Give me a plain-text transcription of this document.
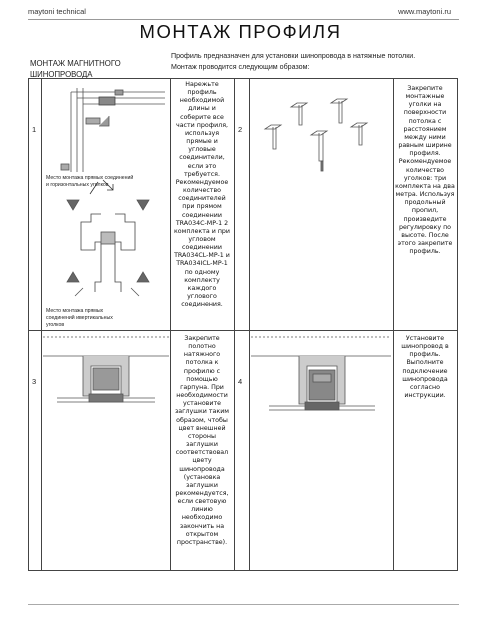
maytoni technical	www.maytoni.ru
МОНТАЖ ПРОФИЛЯ
МОНТАЖ МАГНИТНОГО
ШИНОПРОВОДА
Профиль предназначен для установки шинопровода в натяжные потолки.
Монтаж проводится следующим образом:
1
Место монтажа прямых соединений
и горизонтальных уголков
Место монтажа прямых
соединений ивертикальных
уголков
Нарежьте профиль необходимой длины и соберите все части профиля, используя прямые и угловые соединители, если это требуется. Рекомендуемое количество соединителей при прямом соединении TRA034C-MP-1 2 комплекта и при угловом соединении TRA034CL-MP-1 и TRA034ICL-MP-1 по одному комплекту каждого углового соединения.
2
Закрепите монтажные уголки на поверхности потолка с расстоянием между ними равным ширине профиля. Рекомендуемое количество уголков: три комплекта на два метра. Используя продольный пропил, произведите регулировку по высоте. После этого закрепите профиль.
3
Закрепите полотно натяжного потолка к профилю с помощью гарпуна. При необходимости установите заглушки таким образом, чтобы цвет внешней стороны заглушки соответствовал цвету шинопровода (установка заглушки рекомендуется, если световую линию необходимо закончить на открытом пространстве).
4
Установите шинопровод в профиль. Выполните подключение шинопровода согласно инструкции.
